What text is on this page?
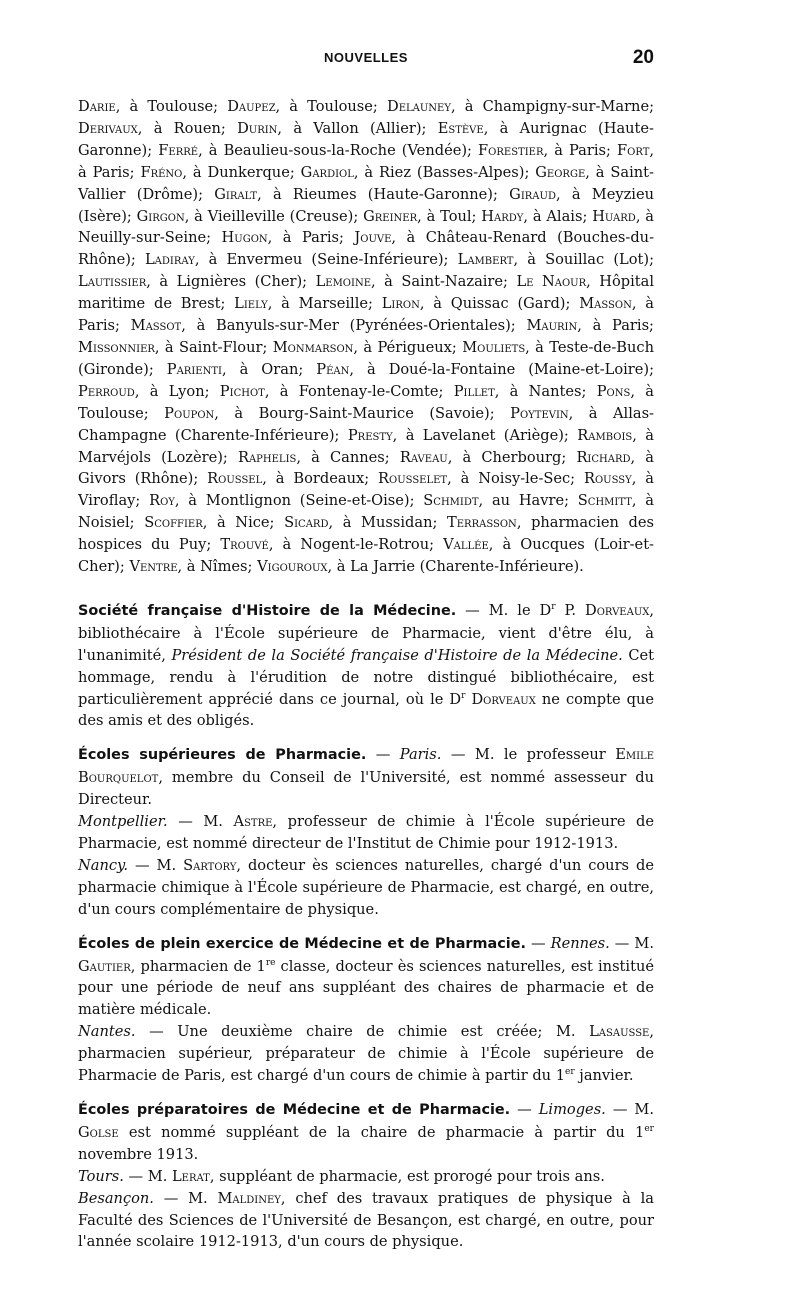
NOUVELLES	20

Darie, à Toulouse; Daupez, à Toulouse; Delauney, à Champigny-sur-Marne; Derivaux, à Rouen; Durin, à Vallon (Allier); Estève, à Aurignac (Haute-Garonne); Ferré, à Beaulieu-sous-la-Roche (Vendée); Forestier, à Paris; Fort, à Paris; Fréno, à Dunkerque; Gardiol, à Riez (Basses-Alpes); George, à Saint-Vallier (Drôme); Giralt, à Rieumes (Haute-Garonne); Giraud, à Meyzieu (Isère); Girgon, à Vieilleville (Creuse); Greiner, à Toul; Hardy, à Alais; Huard, à Neuilly-sur-Seine; Hugon, à Paris; Jouve, à Château-Renard (Bouches-du-Rhône); Ladiray, à Envermeu (Seine-Inférieure); Lambert, à Souillac (Lot); Lautissier, à Lignières (Cher); Lemoine, à Saint-Nazaire; Le Naour, Hôpital maritime de Brest; Liely, à Marseille; Liron, à Quissac (Gard); Masson, à Paris; Massot, à Banyuls-sur-Mer (Pyrénées-Orientales); Maurin, à Paris; Missonnier, à Saint-Flour; Monmarson, à Périgueux; Mouliets, à Teste-de-Buch (Gironde); Parienti, à Oran; Péan, à Doué-la-Fontaine (Maine-et-Loire); Perroud, à Lyon; Pichot, à Fontenay-le-Comte; Pillet, à Nantes; Pons, à Toulouse; Poupon, à Bourg-Saint-Maurice (Savoie); Poytevin, à Allas-Champagne (Charente-Inférieure); Presty, à Lavelanet (Ariège); Rambois, à Marvéjols (Lozère); Raphelis, à Cannes; Raveau, à Cherbourg; Richard, à Givors (Rhône); Roussel, à Bordeaux; Rousselet, à Noisy-le-Sec; Roussy, à Viroflay; Roy, à Montlignon (Seine-et-Oise); Schmidt, au Havre; Schmitt, à Noisiel; Scoffier, à Nice; Sicard, à Mussidan; Terrasson, pharmacien des hospices du Puy; Trouvé, à Nogent-le-Rotrou; Vallée, à Oucques (Loir-et-Cher); Ventre, à Nîmes; Vigouroux, à La Jarrie (Charente-Inférieure).

Société française d'Histoire de la Médecine. — M. le $D^r$ P. Dorveaux, bibliothécaire à l'École supérieure de Pharmacie, vient d'être élu, à l'unanimité, Président de la Société française d'Histoire de la Médecine. Cet hommage, rendu à l'érudition de notre distingué bibliothécaire, est particulièrement apprécié dans ce journal, où le $D^r$ Dorveaux ne compte que des amis et des obligés.

Écoles supérieures de Pharmacie. — Paris. — M. le professeur Emile Bourquelot, membre du Conseil de l'Université, est nommé assesseur du Directeur.

Montpellier. — M. Astre, professeur de chimie à l'École supérieure de Pharmacie, est nommé directeur de l'Institut de Chimie pour 1912-1913.

Nancy. — M. Sartory, docteur ès sciences naturelles, chargé d'un cours de pharmacie chimique à l'École supérieure de Pharmacie, est chargé, en outre, d'un cours complémentaire de physique.

Écoles de plein exercice de Médecine et de Pharmacie. — Rennes. — M. Gautier, pharmacien de 1re classe, docteur ès sciences naturelles, est institué pour une période de neuf ans suppléant des chaires de pharmacie et de matière médicale.

Nantes. — Une deuxième chaire de chimie est créée; M. Lasausse, pharmacien supérieur, préparateur de chimie à l'École supérieure de Pharmacie de Paris, est chargé d'un cours de chimie à partir du 1er janvier.

Écoles préparatoires de Médecine et de Pharmacie. — Limoges. — M. Golse est nommé suppléant de la chaire de pharmacie à partir du 1er novembre 1913.

Tours. — M. Lerat, suppléant de pharmacie, est prorogé pour trois ans.

Besançon. — M. Maldiney, chef des travaux pratiques de physique à la Faculté des Sciences de l'Université de Besançon, est chargé, en outre, pour l'année scolaire 1912-1913, d'un cours de physique.
